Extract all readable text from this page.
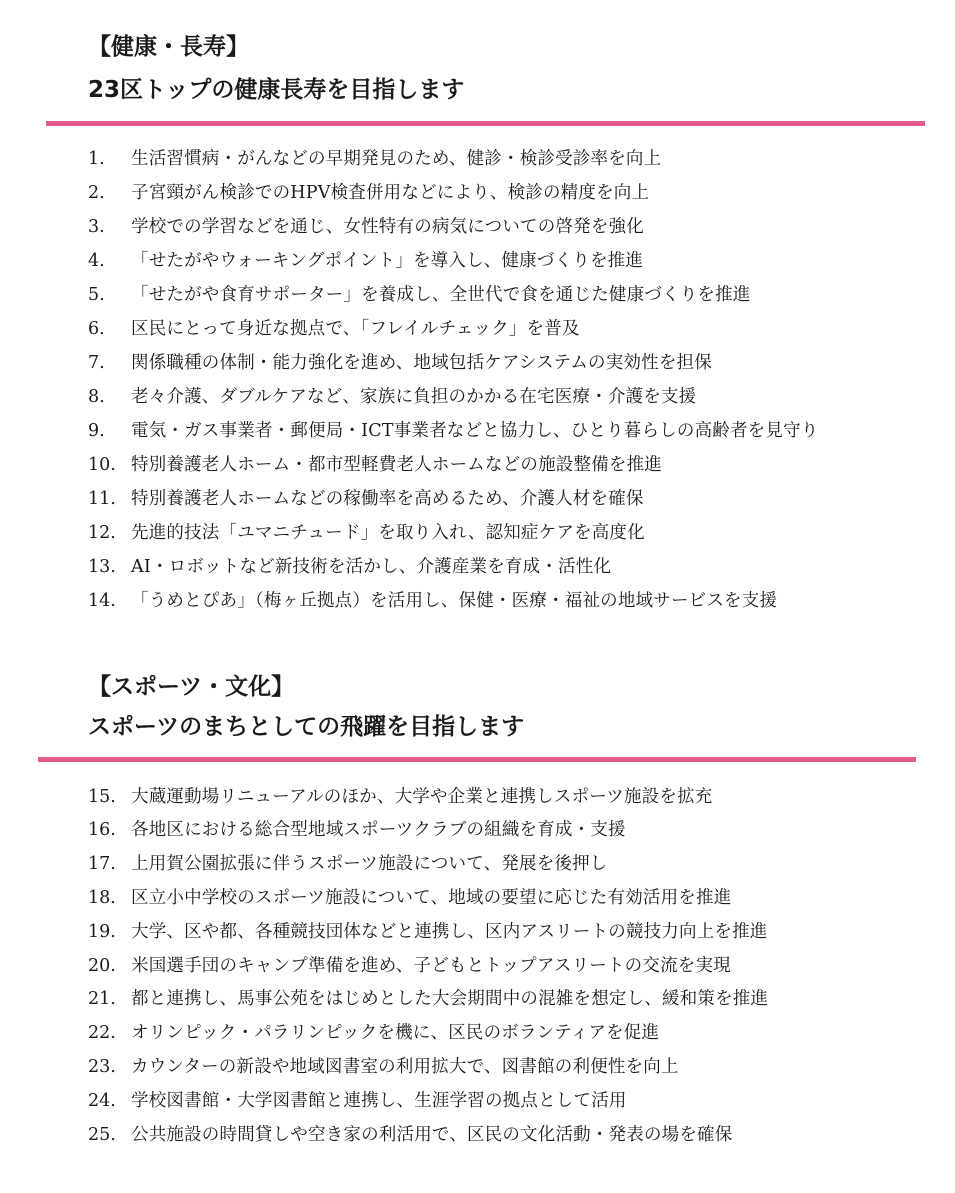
【健康・長寿】
23区トップの健康長寿を目指します
1.	生活習慣病・がんなどの早期発見のため、健診・検診受診率を向上
2.	子宮頸がん検診でのHPV検査併用などにより、検診の精度を向上
3.	学校での学習などを通じ、女性特有の病気についての啓発を強化
4.	「せたがやウォーキングポイント」を導入し、健康づくりを推進
5.	「せたがや食育サポーター」を養成し、全世代で食を通じた健康づくりを推進
6.	区民にとって身近な拠点で、「フレイルチェック」を普及
7.	関係職種の体制・能力強化を進め、地域包括ケアシステムの実効性を担保
8.	老々介護、ダブルケアなど、家族に負担のかかる在宅医療・介護を支援
9.	電気・ガス事業者・郵便局・ICT事業者などと協力し、ひとり暮らしの高齢者を見守り
10. 特別養護老人ホーム・都市型軽費老人ホームなどの施設整備を推進
11. 特別養護老人ホームなどの稼働率を高めるため、介護人材を確保
12. 先進的技法「ユマニチュード」を取り入れ、認知症ケアを高度化
13. AI・ロボットなど新技術を活かし、介護産業を育成・活性化
14. 「うめとぴあ」（梅ヶ丘拠点）を活用し、保健・医療・福祉の地域サービスを支援
【スポーツ・文化】
スポーツのまちとしての飛躍を目指します
15. 大蔵運動場リニューアルのほか、大学や企業と連携しスポーツ施設を拡充
16. 各地区における総合型地域スポーツクラブの組織を育成・支援
17. 上用賀公園拡張に伴うスポーツ施設について、発展を後押し
18. 区立小中学校のスポーツ施設について、地域の要望に応じた有効活用を推進
19. 大学、区や都、各種競技団体などと連携し、区内アスリートの競技力向上を推進
20. 米国選手団のキャンプ準備を進め、子どもとトップアスリートの交流を実現
21. 都と連携し、馬事公苑をはじめとした大会期間中の混雑を想定し、緩和策を推進
22. オリンピック・パラリンピックを機に、区民のボランティアを促進
23. カウンターの新設や地域図書室の利用拡大で、図書館の利便性を向上
24. 学校図書館・大学図書館と連携し、生涯学習の拠点として活用
25. 公共施設の時間貸しや空き家の利活用で、区民の文化活動・発表の場を確保
